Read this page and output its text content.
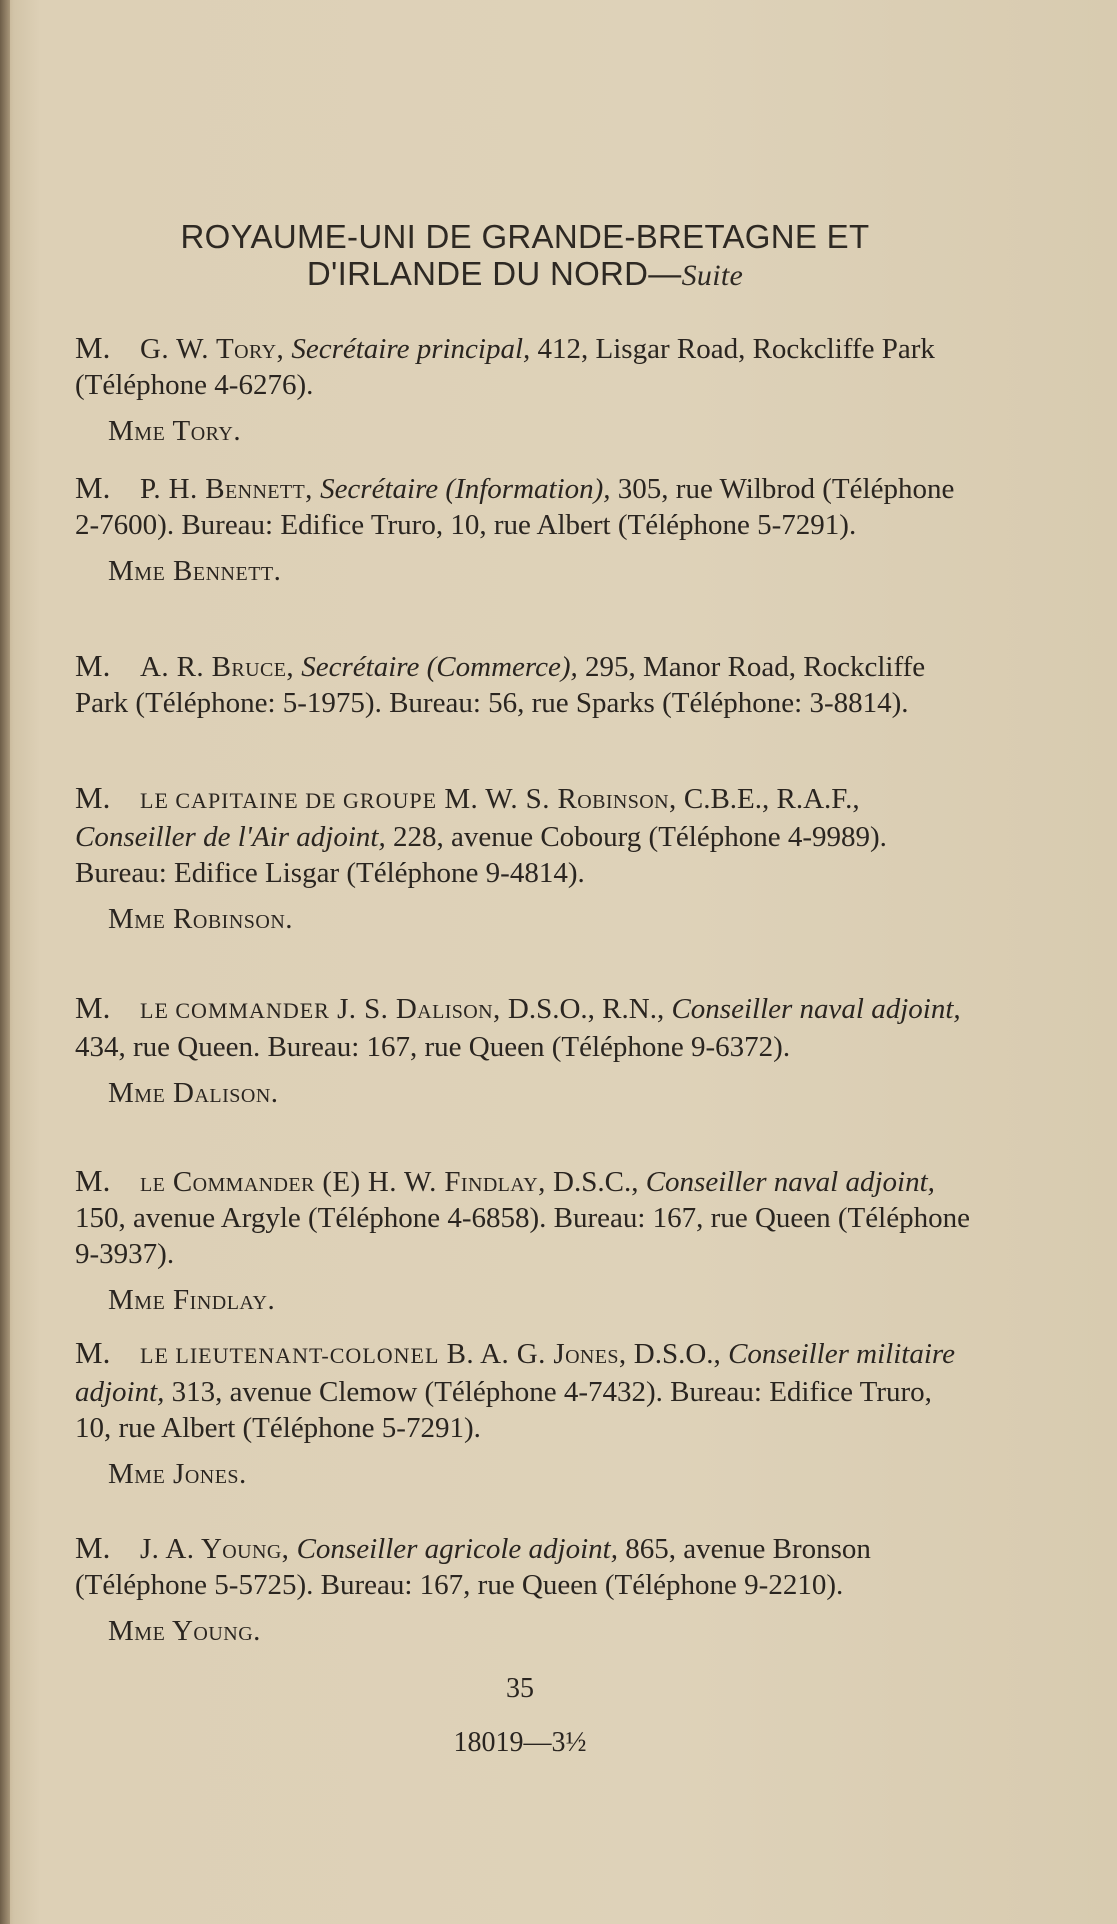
ROYAUME-UNI DE GRANDE-BRETAGNE ET
D'IRLANDE DU NORD—Suite

M. G. W. Tory, Secrétaire principal, 412, Lisgar Road, Rockcliffe Park (Téléphone 4-6276).

Mme Tory.

M. P. H. Bennett, Secrétaire (Information), 305, rue Wilbrod (Téléphone 2-7600). Bureau: Edifice Truro, 10, rue Albert (Téléphone 5-7291).

Mme Bennett.

M. A. R. Bruce, Secrétaire (Commerce), 295, Manor Road, Rockcliffe Park (Téléphone: 5-1975). Bureau: 56, rue Sparks (Téléphone: 3-8814).

M. LE CAPITAINE DE GROUPE M. W. S. Robinson, C.B.E., R.A.F., Conseiller de l'Air adjoint, 228, avenue Cobourg (Téléphone 4-9989). Bureau: Edifice Lisgar (Téléphone 9-4814).

Mme Robinson.

M. LE COMMANDER J. S. Dalison, D.S.O., R.N., Conseiller naval adjoint, 434, rue Queen. Bureau: 167, rue Queen (Téléphone 9-6372).

Mme Dalison.

M. le Commander (E) H. W. Findlay, D.S.C., Conseiller naval adjoint, 150, avenue Argyle (Téléphone 4-6858). Bureau: 167, rue Queen (Téléphone 9-3937).

Mme Findlay.

M. LE LIEUTENANT-COLONEL B. A. G. Jones, D.S.O., Conseiller militaire adjoint, 313, avenue Clemow (Téléphone 4-7432). Bureau: Edifice Truro, 10, rue Albert (Téléphone 5-7291).

Mme Jones.

M. J. A. Young, Conseiller agricole adjoint, 865, avenue Bronson (Téléphone 5-5725). Bureau: 167, rue Queen (Téléphone 9-2210).

Mme Young.

35
18019—3½
